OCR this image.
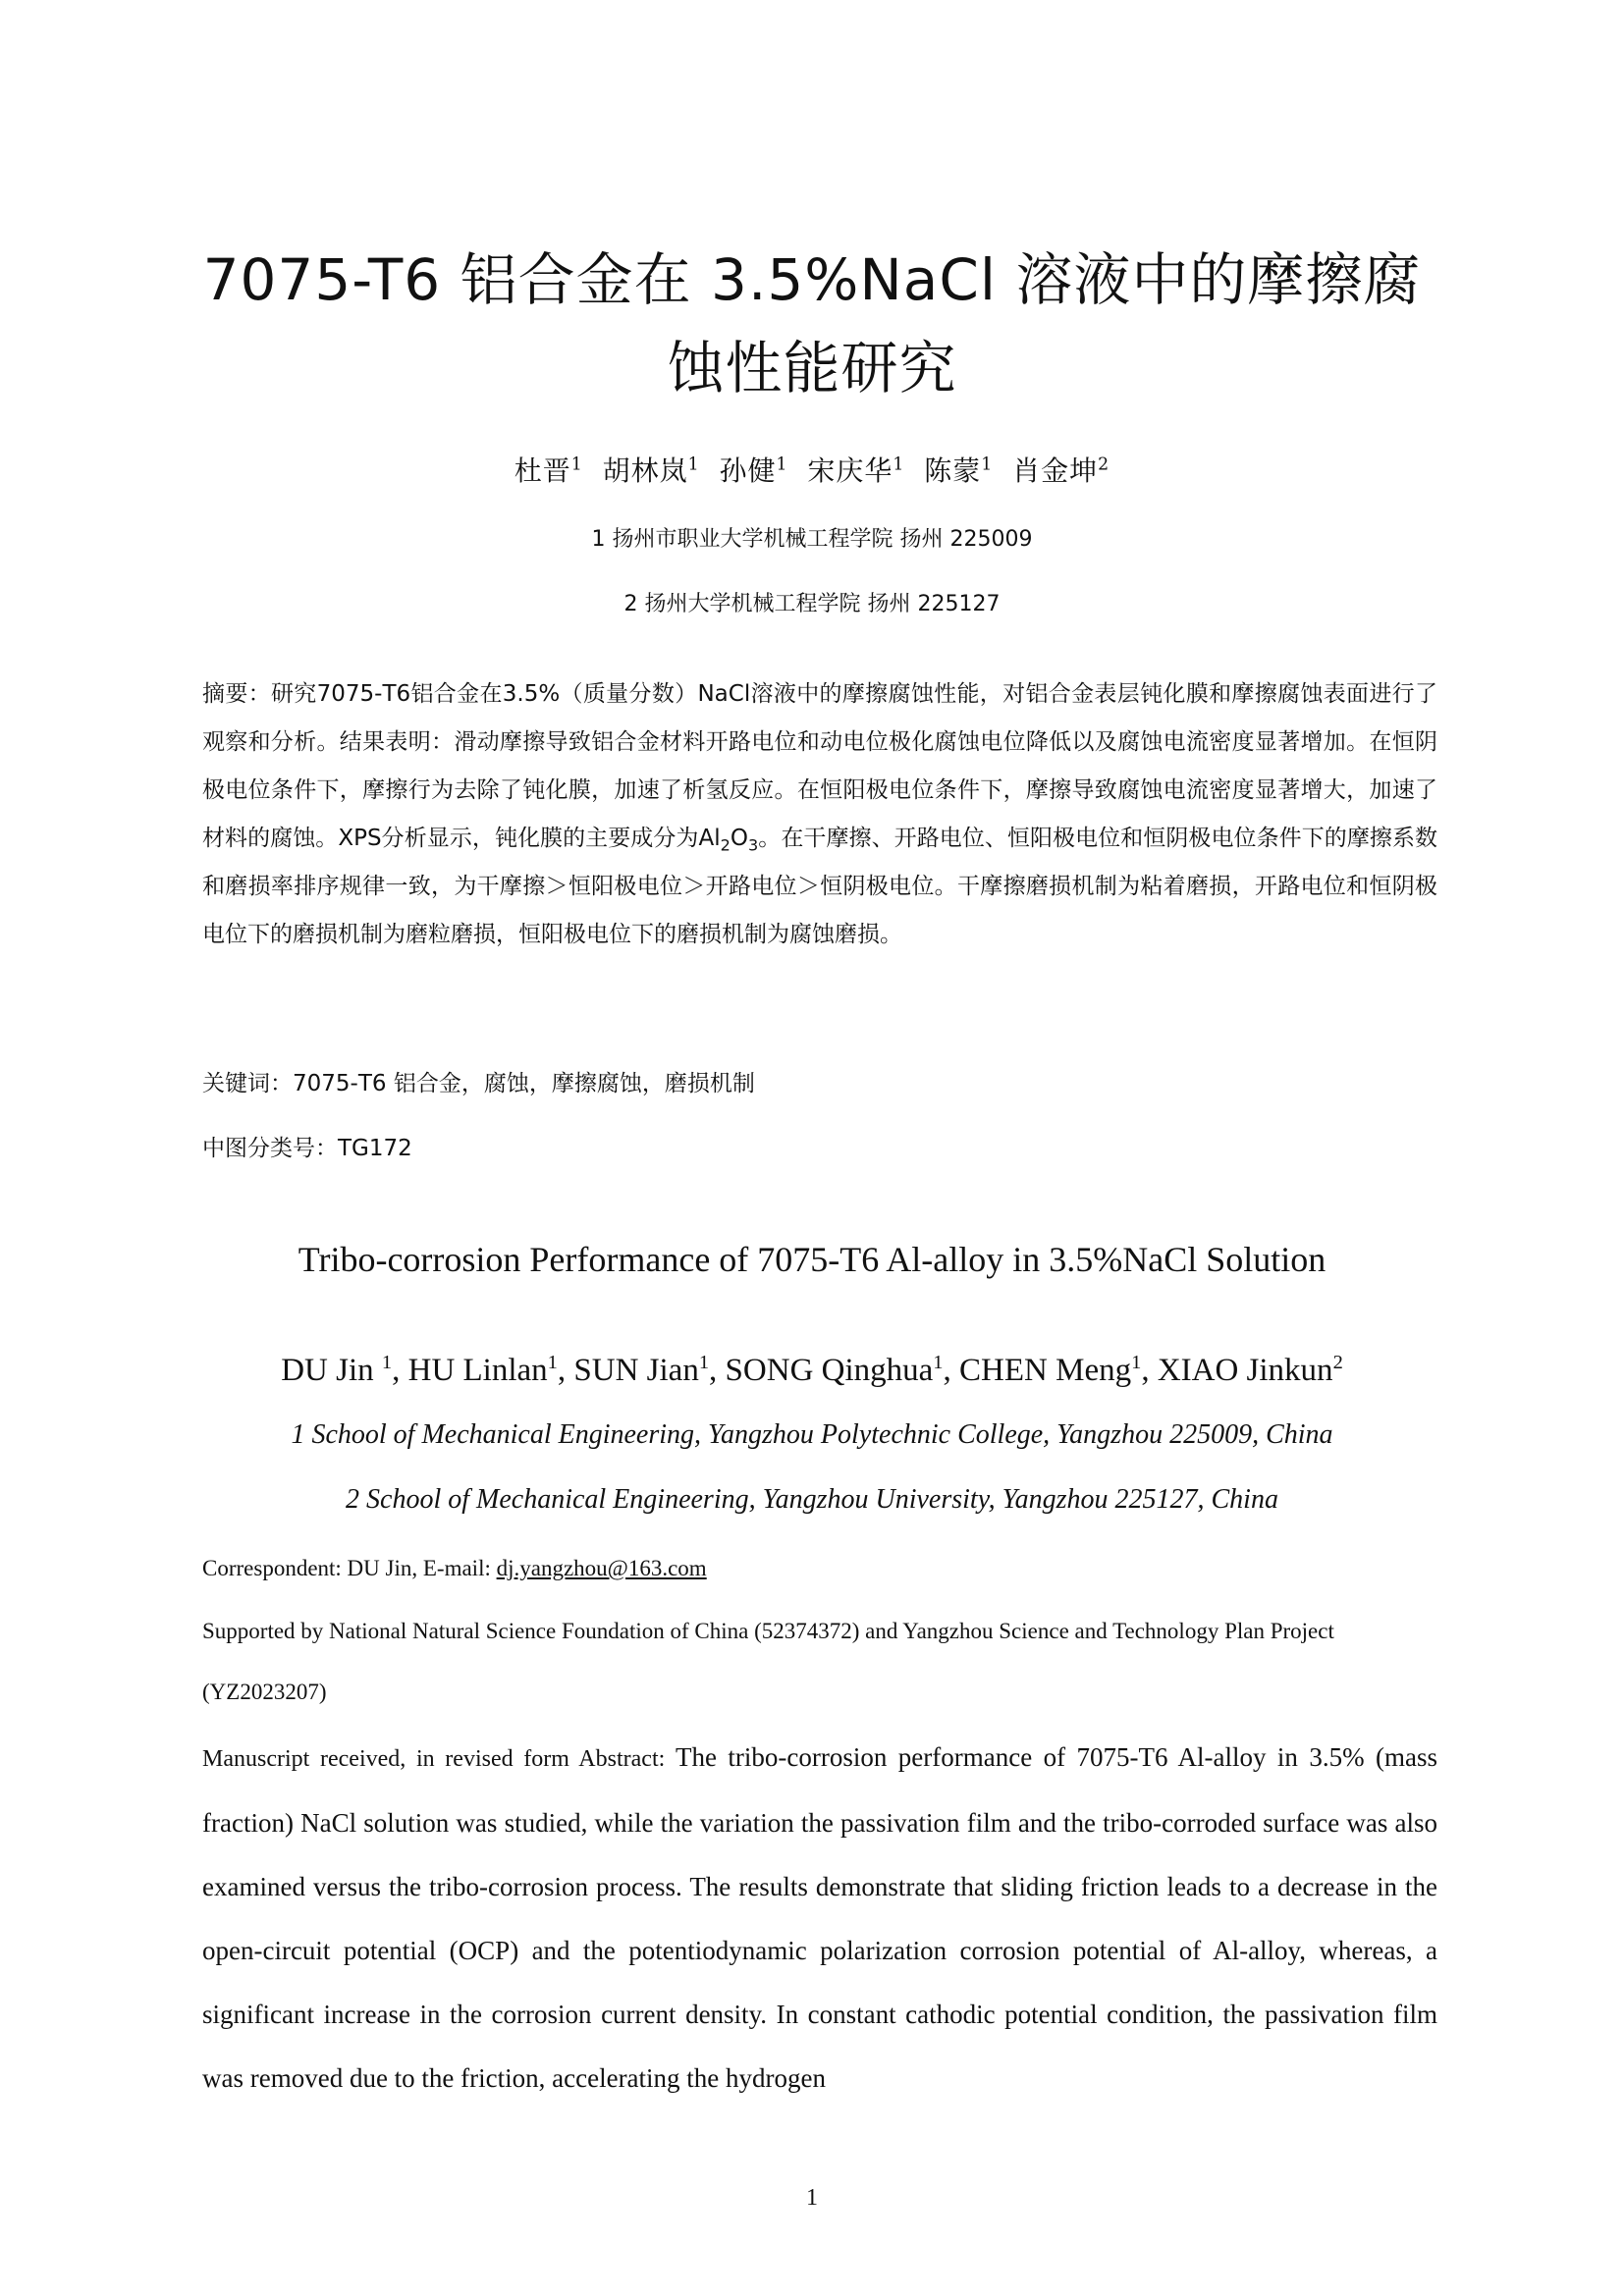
7075-T6 铝合金在 3.5%NaCl 溶液中的摩擦腐
蚀性能研究
杜晋$^1$ 胡林岚$^1$ 孙健$^1$ 宋庆华$^1$ 陈蒙$^1$ 肖金坤$^2$
1 扬州市职业大学机械工程学院 扬州 225009
2 扬州大学机械工程学院 扬州 225127
摘要：研究7075-T6铝合金在3.5%（质量分数）NaCl溶液中的摩擦腐蚀性能，对铝合金表层钝化膜和摩擦腐蚀表面进行了观察和分析。结果表明：滑动摩擦导致铝合金材料开路电位和动电位极化腐蚀电位降低以及腐蚀电流密度显著增加。在恒阴极电位条件下，摩擦行为去除了钝化膜，加速了析氢反应。在恒阳极电位条件下，摩擦导致腐蚀电流密度显著增大，加速了材料的腐蚀。XPS分析显示，钝化膜的主要成分为$Al_2O_3$。在干摩擦、开路电位、恒阳极电位和恒阴极电位条件下的摩擦系数和磨损率排序规律一致，为干摩擦＞恒阳极电位＞开路电位＞恒阴极电位。干摩擦磨损机制为粘着磨损，开路电位和恒阴极电位下的磨损机制为磨粒磨损，恒阳极电位下的磨损机制为腐蚀磨损。
关键词：7075-T6 铝合金，腐蚀，摩擦腐蚀，磨损机制
中图分类号：TG172
Tribo-corrosion Performance of 7075-T6 Al-alloy in 3.5%NaCl Solution
DU Jin $^1$, HU Linlan$^1$, SUN Jian$^1$, SONG Qinghua$^1$, CHEN Meng$^1$, XIAO Jinkun$^2$
1 School of Mechanical Engineering, Yangzhou Polytechnic College, Yangzhou 225009, China
2 School of Mechanical Engineering, Yangzhou University, Yangzhou 225127, China
Correspondent: DU Jin, E-mail: dj.yangzhou@163.com
Supported by National Natural Science Foundation of China (52374372) and Yangzhou Science and Technology Plan Project (YZ2023207)
Manuscript received, in revised form Abstract: The tribo-corrosion performance of 7075-T6 Al-alloy in 3.5% (mass fraction) NaCl solution was studied, while the variation the passivation film and the tribo-corroded surface was also examined versus the tribo-corrosion process. The results demonstrate that sliding friction leads to a decrease in the open-circuit potential (OCP) and the potentiodynamic polarization corrosion potential of Al-alloy, whereas, a significant increase in the corrosion current density. In constant cathodic potential condition, the passivation film was removed due to the friction, accelerating the hydrogen
1
